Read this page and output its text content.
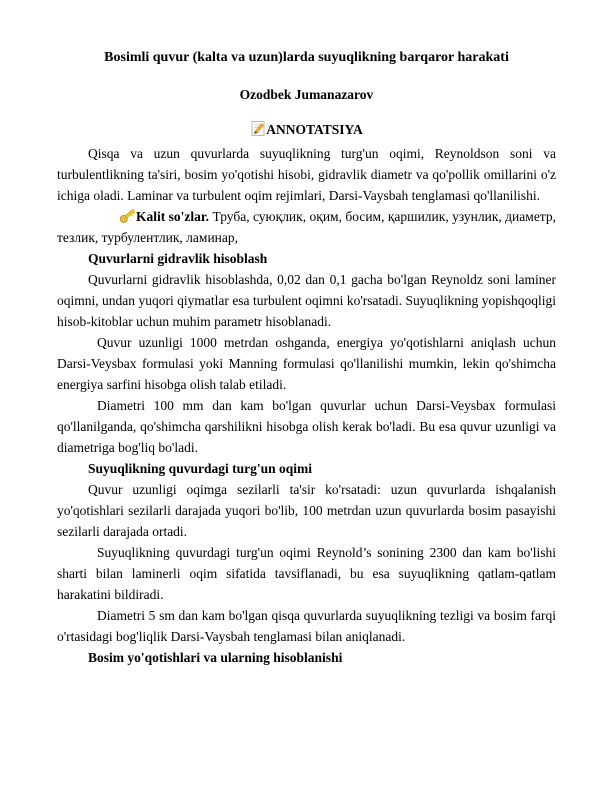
Bosimli quvur (kalta va uzun)larda suyuqlikning barqaror harakati
Ozodbek Jumanazarov
ANNOTATSIYA

Qisqa va uzun quvurlarda suyuqlikning turg'un oqimi, Reynoldson soni va turbulentlikning ta'siri, bosim yo'qotishi hisobi, gidravlik diametr va qo'pollik omillarini o'z ichiga oladi. Laminar va turbulent oqim rejimlari, Darsi-Vaysbah tenglamasi qo'llanilishi.

Kalit so'zlar. Труба, суюқлик, оқим, босим, қаршилик, узунлик, диаметр, тезлик, турбулентлик, ламинар,

Quvurlarni gidravlik hisoblash

Quvurlarni gidravlik hisoblashda, 0,02 dan 0,1 gacha bo'lgan Reynoldz soni laminer oqimni, undan yuqori qiymatlar esa turbulent oqimni ko'rsatadi. Suyuqlikning yopishqoqligi hisob-kitoblar uchun muhim parametr hisoblanadi.

Quvur uzunligi 1000 metrdan oshganda, energiya yo'qotishlarni aniqlash uchun Darsi-Veysbax formulasi yoki Manning formulasi qo'llanilishi mumkin, lekin qo'shimcha energiya sarfini hisobga olish talab etiladi.

Diametri 100 mm dan kam bo'lgan quvurlar uchun Darsi-Veysbax formulasi qo'llanilganda, qo'shimcha qarshilikni hisobga olish kerak bo'ladi. Bu esa quvur uzunligi va diametriga bog'liq bo'ladi.

Suyuqlikning quvurdagi turg'un oqimi

Quvur uzunligi oqimga sezilarli ta'sir ko'rsatadi: uzun quvurlarda ishqalanish yo'qotishlari sezilarli darajada yuqori bo'lib, 100 metrdan uzun quvurlarda bosim pasayishi sezilarli darajada ortadi.

Suyuqlikning quvurdagi turg'un oqimi Reynold’s sonining 2300 dan kam bo'lishi sharti bilan laminerli oqim sifatida tavsiflanadi, bu esa suyuqlikning qatlam-qatlam harakatini bildiradi.

Diametri 5 sm dan kam bo'lgan qisqa quvurlarda suyuqlikning tezligi va bosim farqi o'rtasidagi bog'liqlik Darsi-Vaysbah tenglamasi bilan aniqlanadi.

Bosim yo'qotishlari va ularning hisoblanishi
